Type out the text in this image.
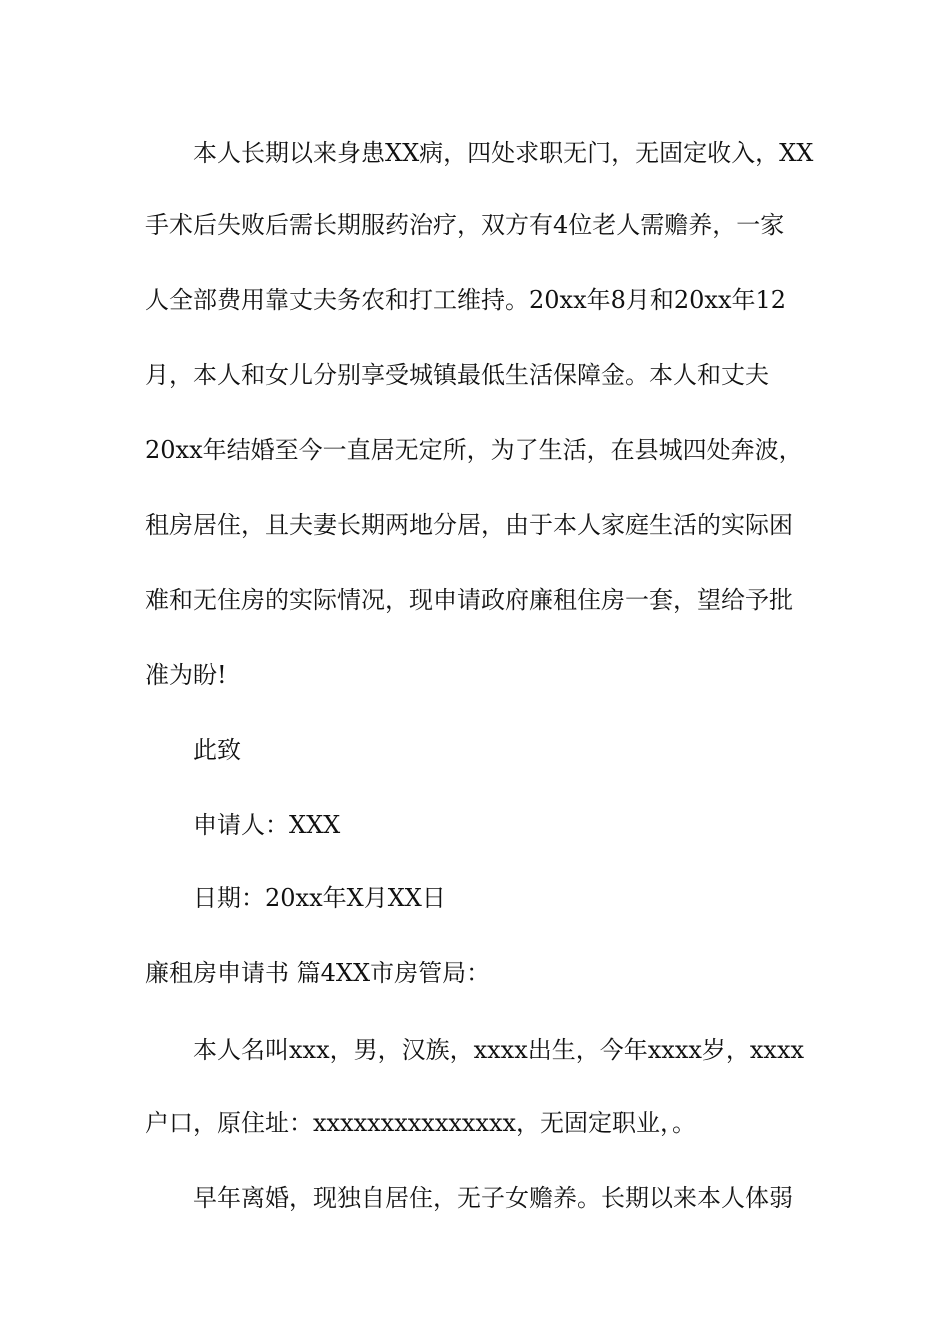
本人长期以来身患XX病，四处求职无门，无固定收入，XX
手术后失败后需长期服药治疗，双方有4位老人需赡养，一家
人全部费用靠丈夫务农和打工维持。20xx年8月和20xx年12
月，本人和女儿分别享受城镇最低生活保障金。本人和丈夫
20xx年结婚至今一直居无定所，为了生活，在县城四处奔波，
租房居住，且夫妻长期两地分居，由于本人家庭生活的实际困
难和无住房的实际情况，现申请政府廉租住房一套，望给予批
准为盼!
此致
申请人：XXX
日期：20xx年X月XX日
廉租房申请书 篇4XX市房管局：
本人名叫xxx，男，汉族，xxxx出生，今年xxxx岁，xxxx
户口，原住址：xxxxxxxxxxxxxxx，无固定职业，。
早年离婚，现独自居住，无子女赡养。长期以来本人体弱
